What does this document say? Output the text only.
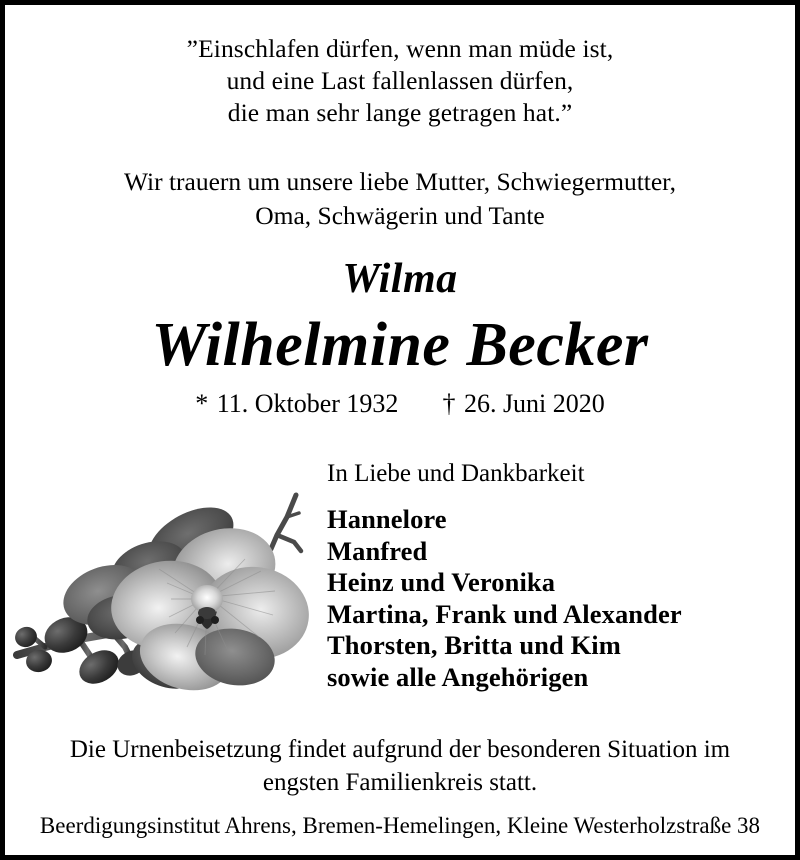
”Einschlafen dürfen, wenn man müde ist,
und eine Last fallenlassen dürfen,
die man sehr lange getragen hat.”
Wir trauern um unsere liebe Mutter, Schwiegermutter,
Oma, Schwägerin und Tante
Wilma
Wilhelmine Becker
* 11. Oktober 1932 † 26. Juni 2020
In Liebe und Dankbarkeit
Hannelore
Manfred
Heinz und Veronika
Martina, Frank und Alexander
Thorsten, Britta und Kim
sowie alle Angehörigen
Die Urnenbeisetzung findet aufgrund der besonderen Situation im
engsten Familienkreis statt.
Beerdigungsinstitut Ahrens, Bremen-Hemelingen, Kleine Westerholzstraße 38
